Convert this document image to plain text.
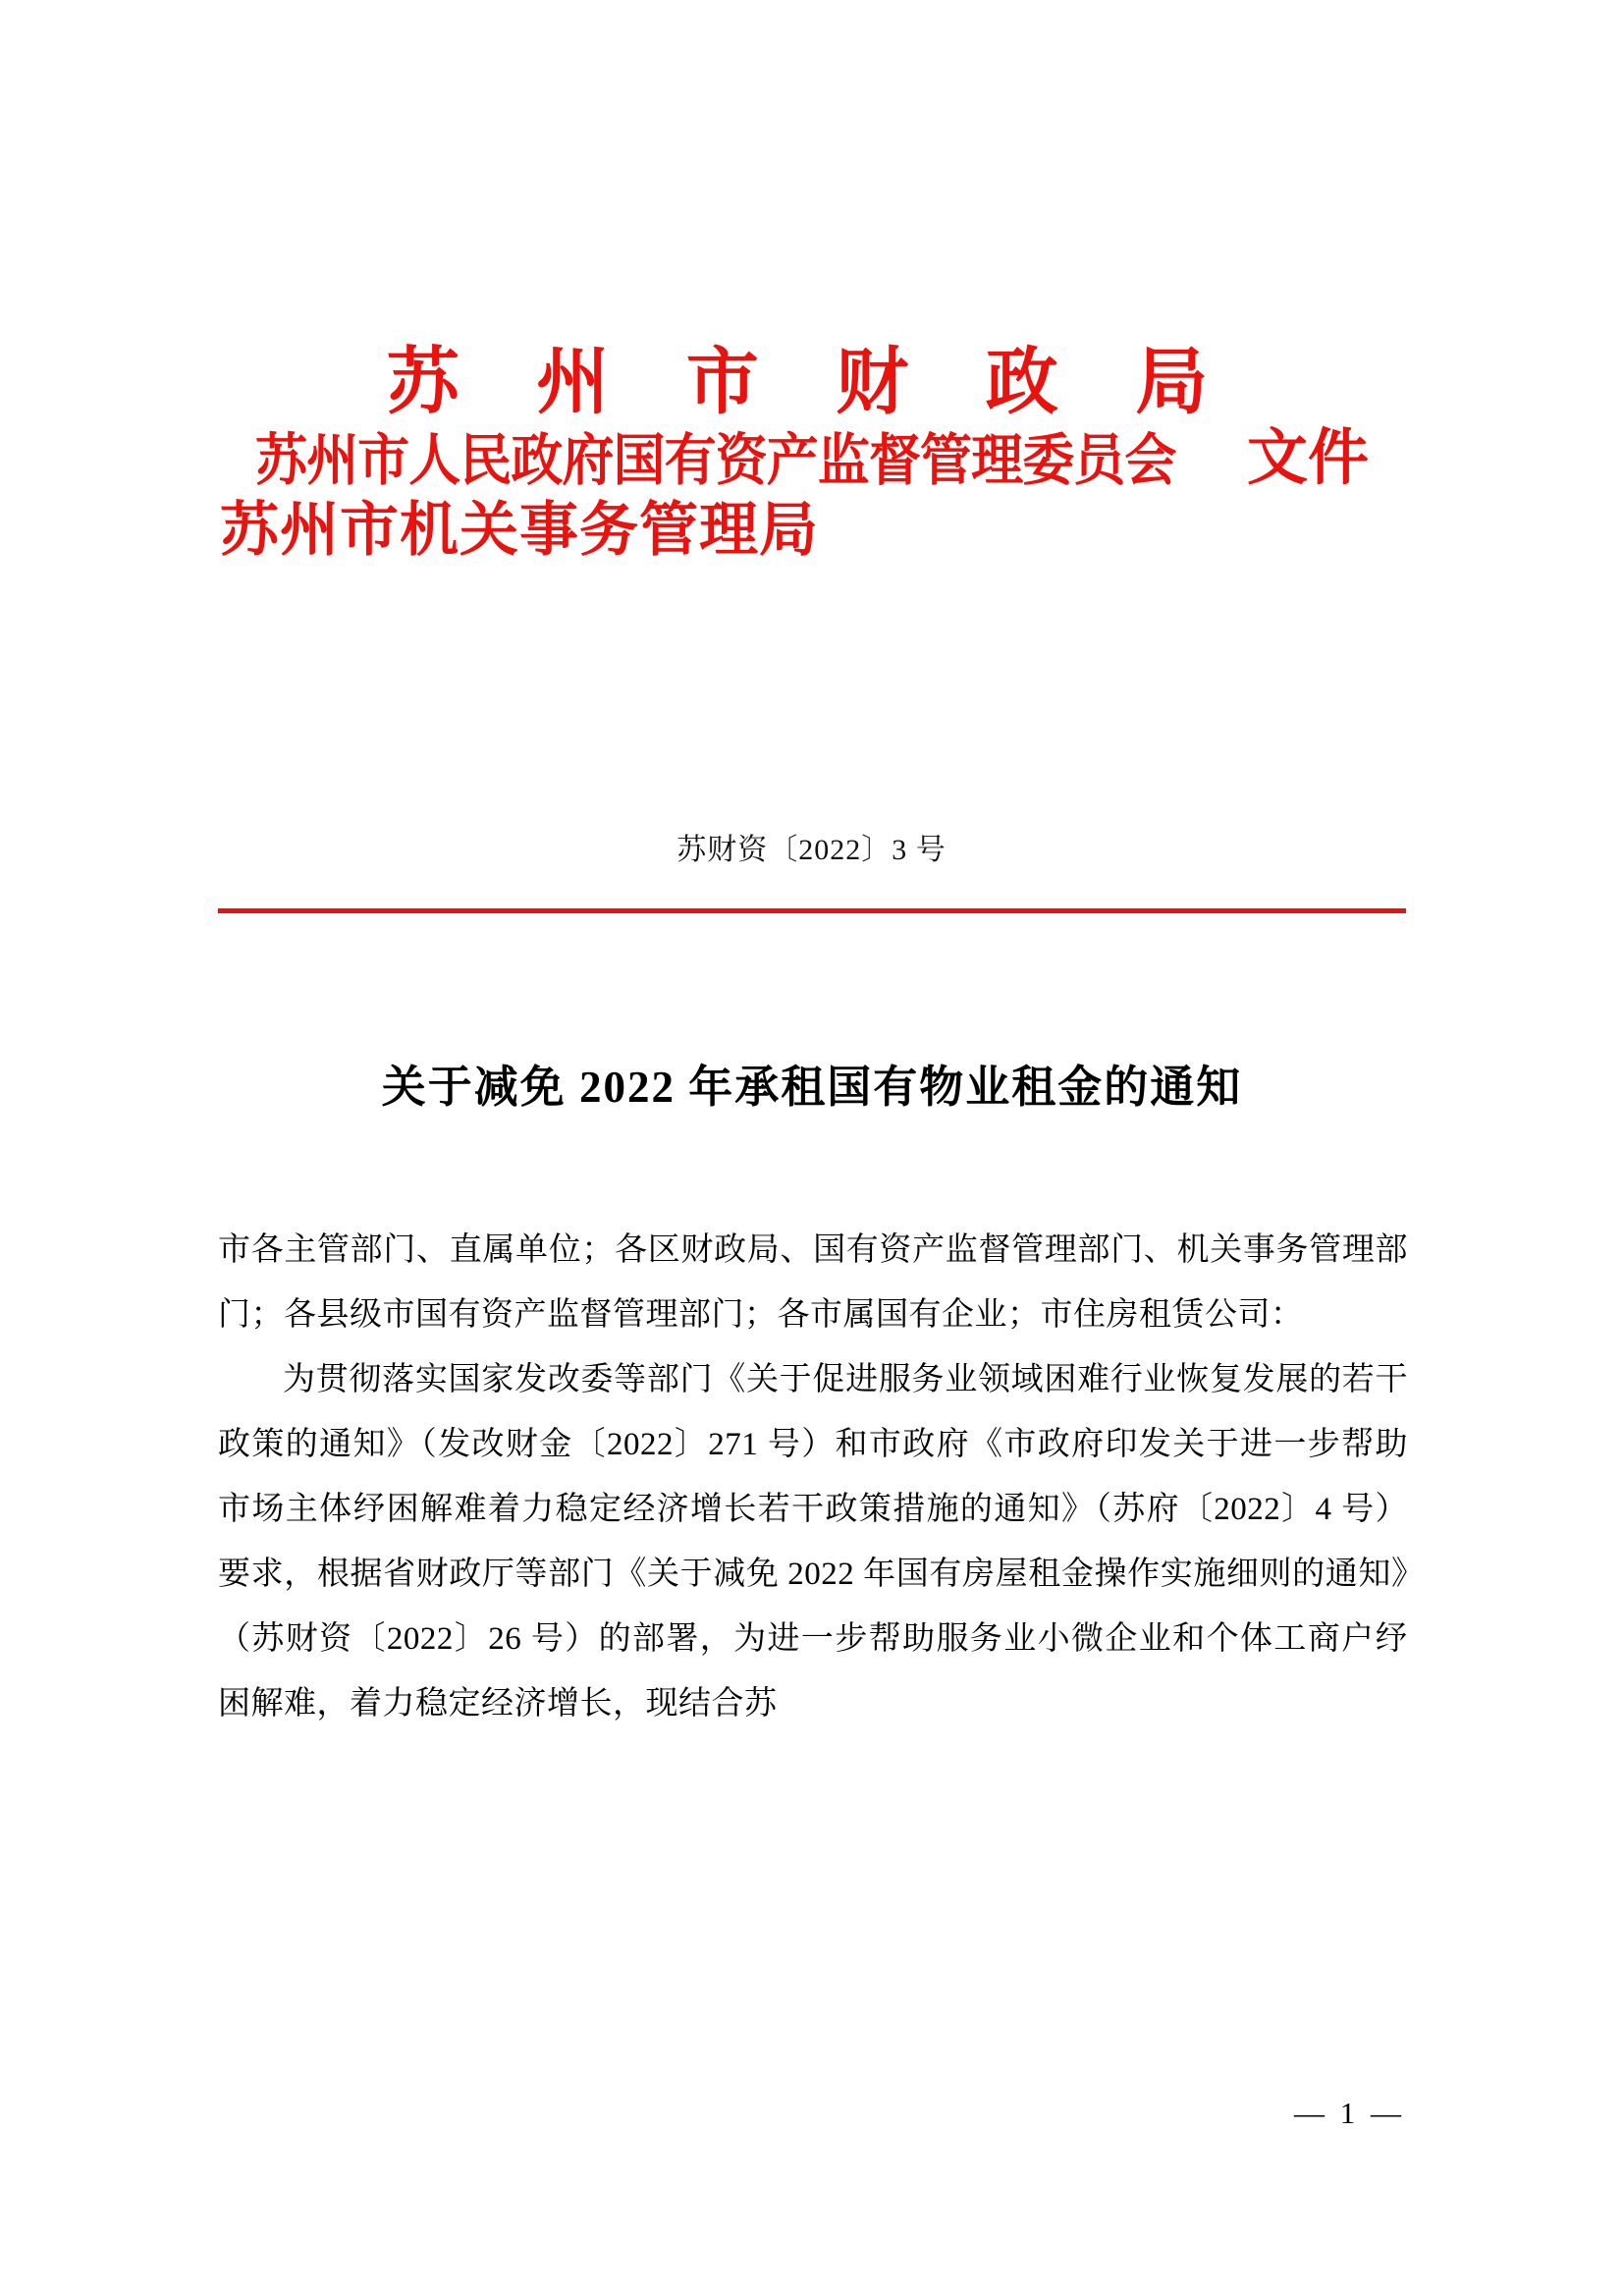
苏 州 市 财 政 局
苏州市人民政府国有资产监督管理委员会 文件
苏州市机关事务管理局
苏财资〔2022〕3 号
关于减免 2022 年承租国有物业租金的通知

市各主管部门、直属单位；各区财政局、国有资产监督管理部门、机关事务管理部门；各县级市国有资产监督管理部门；各市属国有企业；市住房租赁公司：

为贯彻落实国家发改委等部门《关于促进服务业领域困难行业恢复发展的若干政策的通知》（发改财金〔2022〕271 号）和市政府《市政府印发关于进一步帮助市场主体纾困解难着力稳定经济增长若干政策措施的通知》（苏府〔2022〕4 号）要求，根据省财政厅等部门《关于减免 2022 年国有房屋租金操作实施细则的通知》（苏财资〔2022〕26 号）的部署，为进一步帮助服务业小微企业和个体工商户纾困解难，着力稳定经济增长，现结合苏

— 1 —
